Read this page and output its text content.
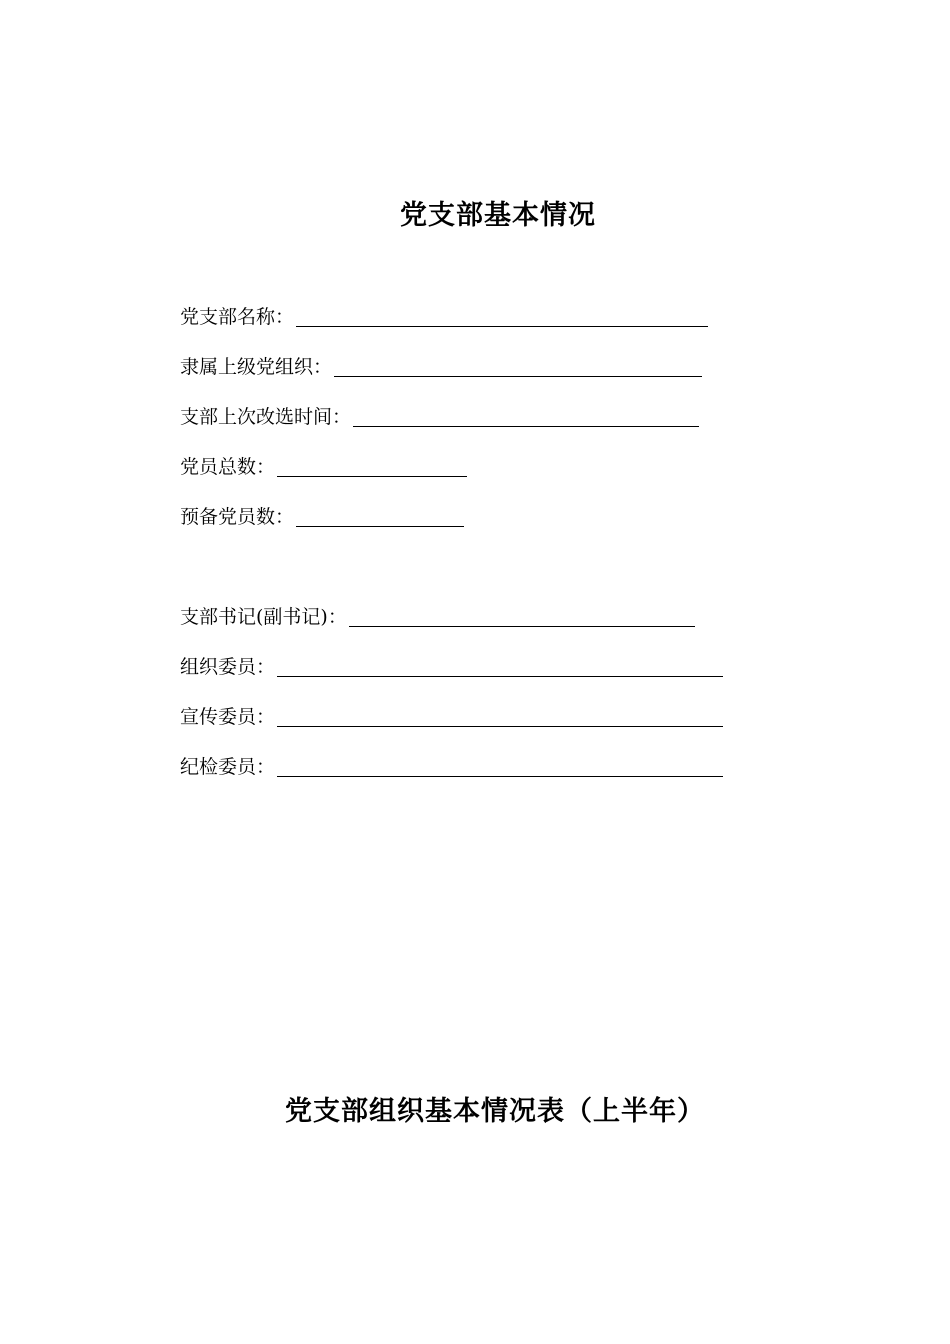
党支部基本情况
党支部名称：
隶属上级党组织：
支部上次改选时间：
党员总数：
预备党员数：
支部书记(副书记)：
组织委员：
宣传委员：
纪检委员：
党支部组织基本情况表（上半年）
